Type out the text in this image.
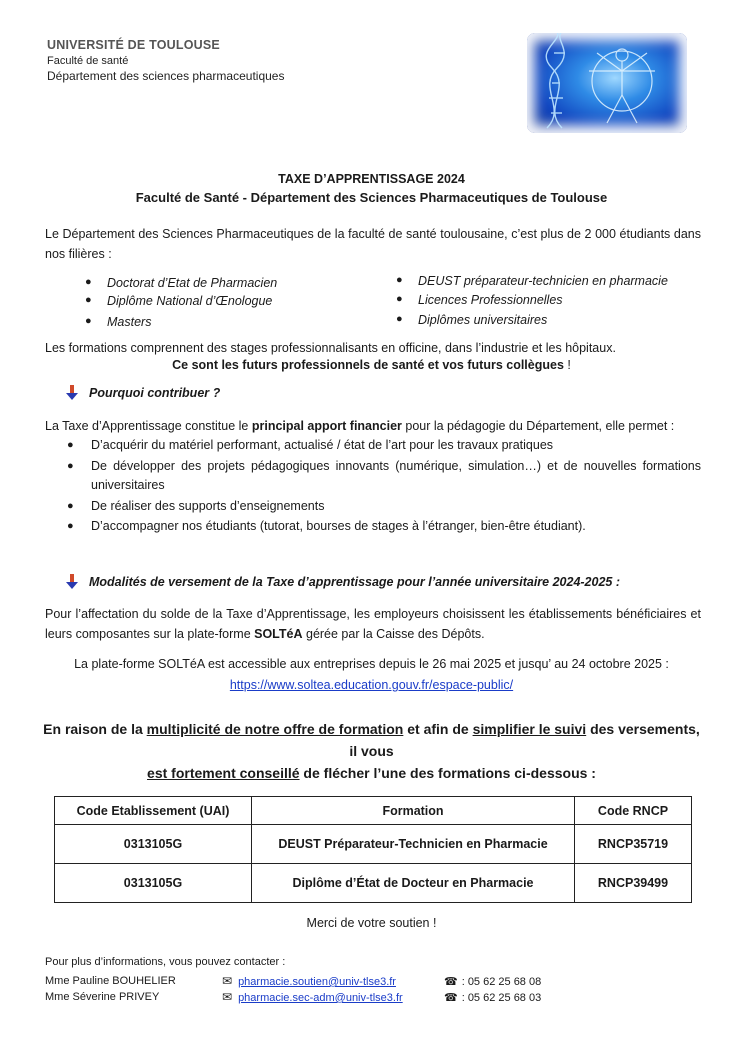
UNIVERSITÉ DE TOULOUSE
Faculté de santé
Département des sciences pharmaceutiques
TAXE D’APPRENTISSAGE 2024
Faculté de Santé - Département des Sciences Pharmaceutiques de Toulouse
Le Département des Sciences Pharmaceutiques de la faculté de santé toulousaine, c’est plus de 2 000 étudiants dans nos filières :
● Doctorat d’Etat de Pharmacien
● Diplôme National d’Œnologue
● Masters
● DEUST préparateur-technicien en pharmacie
● Licences Professionnelles
● Diplômes universitaires
Les formations comprennent des stages professionnalisants en officine, dans l’industrie et les hôpitaux.
Ce sont les futurs professionnels de santé et vos futurs collègues !
Pourquoi contribuer ?
La Taxe d’Apprentissage constitue le principal apport financier pour la pédagogie du Département, elle permet :
● D’acquérir du matériel performant, actualisé / état de l’art pour les travaux pratiques
● De développer des projets pédagogiques innovants (numérique, simulation…) et de nouvelles formations universitaires
● De réaliser des supports d’enseignements
● D’accompagner nos étudiants (tutorat, bourses de stages à l’étranger, bien-être étudiant).
Modalités de versement de la Taxe d’apprentissage pour l’année universitaire 2024-2025 :
Pour l’affectation du solde de la Taxe d’Apprentissage, les employeurs choisissent les établissements bénéficiaires et leurs composantes sur la plate-forme SOLTéA gérée par la Caisse des Dépôts.
La plate-forme SOLTéA est accessible aux entreprises depuis le 26 mai 2025 et jusqu’ au 24 octobre 2025 :
https://www.soltea.education.gouv.fr/espace-public/
En raison de la multiplicité de notre offre de formation et afin de simplifier le suivi des versements, il vous
est fortement conseillé de flécher l’une des formations ci-dessous :
Code Etablissement (UAI)	Formation	Code RNCP
0313105G	DEUST Préparateur-Technicien en Pharmacie	RNCP35719
0313105G	Diplôme d’État de Docteur en Pharmacie	RNCP39499
Merci de votre soutien !
Pour plus d’informations, vous pouvez contacter :
Mme Pauline BOUHELIER	✉ pharmacie.soutien@univ-tlse3.fr	☎ : 05 62 25 68 08
Mme Séverine PRIVEY	✉ pharmacie.sec-adm@univ-tlse3.fr	☎ : 05 62 25 68 03
